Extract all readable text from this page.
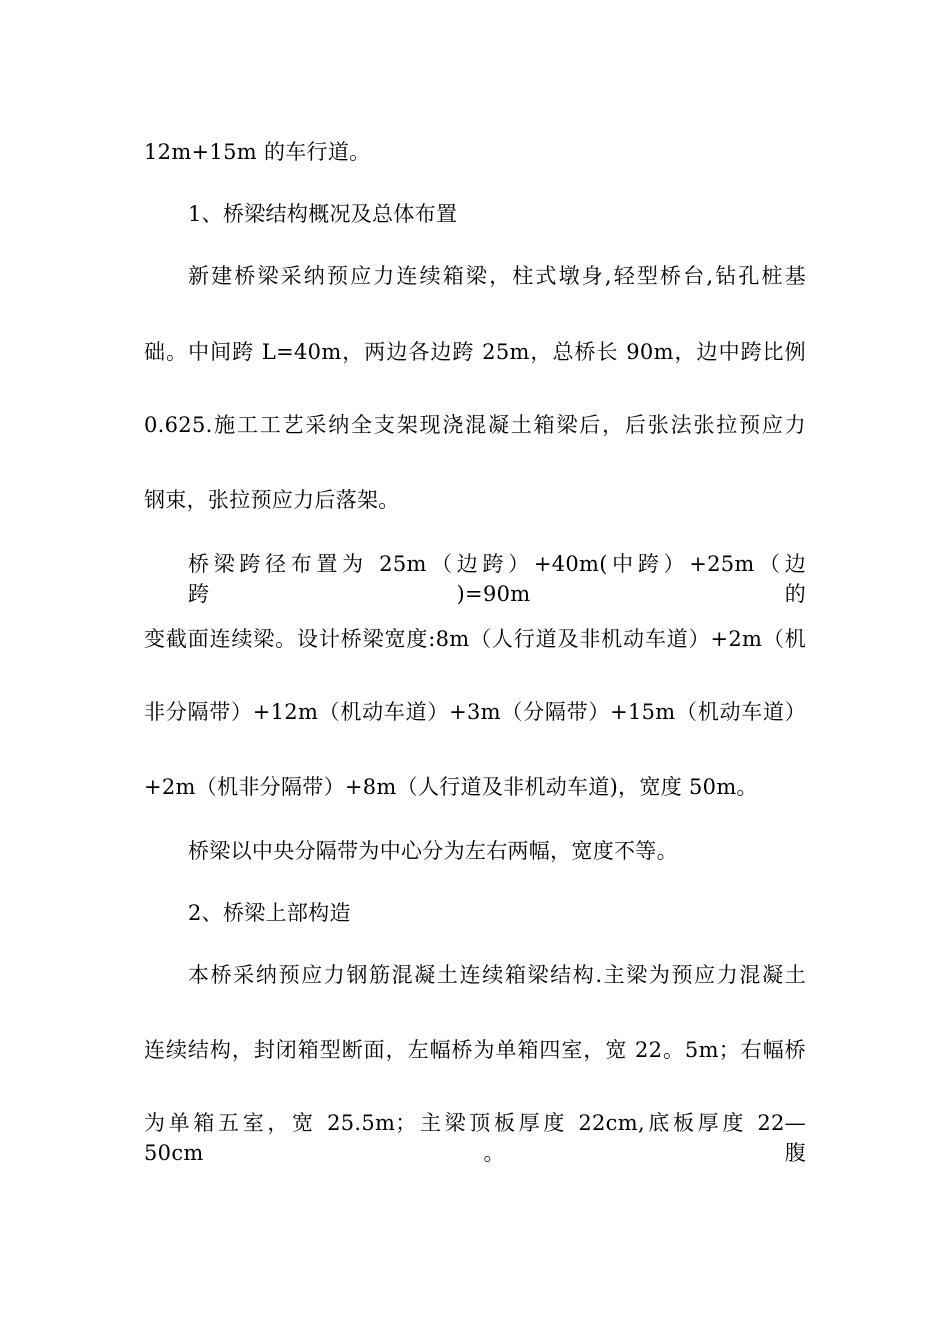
12m+15m 的车行道。
1、桥梁结构概况及总体布置
新建桥梁采纳预应力连续箱梁，柱式墩身,轻型桥台,钻孔桩基
础。中间跨 L=40m，两边各边跨 25m，总桥长 90m，边中跨比例
0.625.施工工艺采纳全支架现浇混凝土箱梁后，后张法张拉预应力
钢束，张拉预应力后落架。
桥梁跨径布置为 25m（边跨）+40m(中跨）+25m（边跨)=90m 的
变截面连续梁。设计桥梁宽度:8m（人行道及非机动车道）+2m（机
非分隔带）+12m（机动车道）+3m（分隔带）+15m（机动车道）
+2m（机非分隔带）+8m（人行道及非机动车道)，宽度 50m。
桥梁以中央分隔带为中心分为左右两幅，宽度不等。
2、桥梁上部构造
本桥采纳预应力钢筋混凝土连续箱梁结构.主梁为预应力混凝土
连续结构，封闭箱型断面，左幅桥为单箱四室，宽 22。5m；右幅桥
为单箱五室，宽 25.5m；主梁顶板厚度 22cm,底板厚度 22—50cm。腹
